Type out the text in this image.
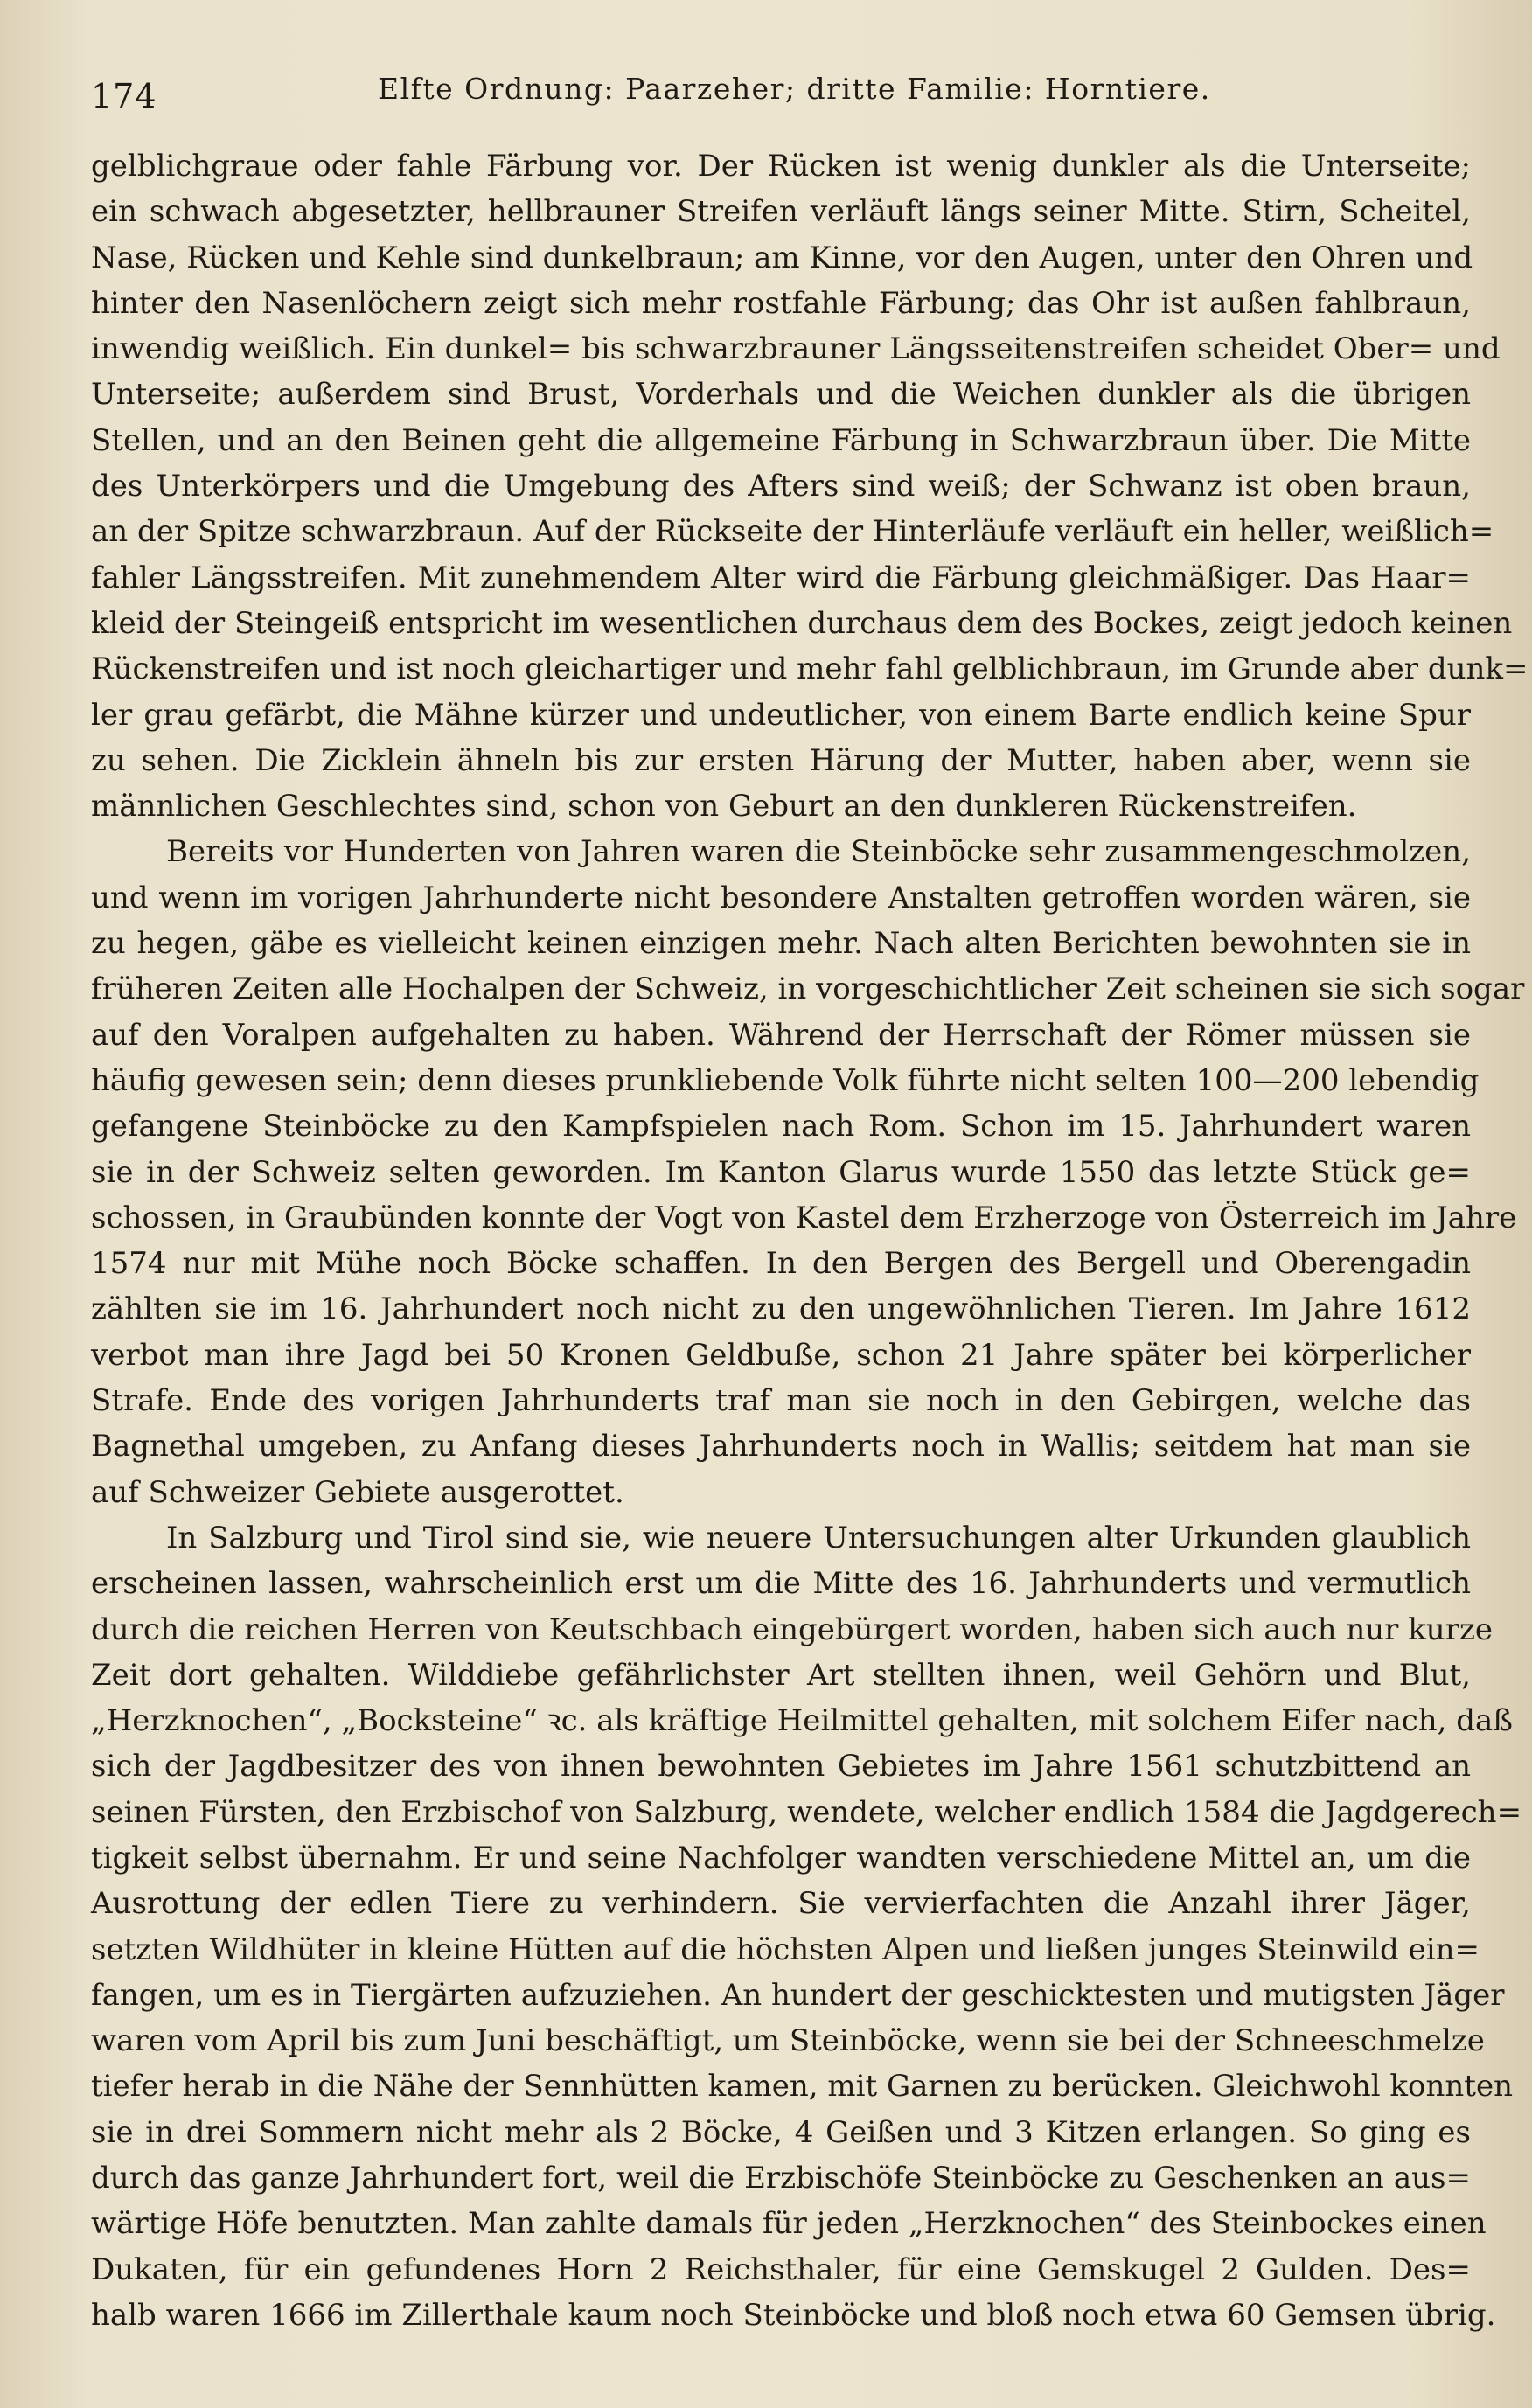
174	Elfte Ordnung: Paarzeher; dritte Familie: Horntiere.
gelblichgraue oder fahle Färbung vor. Der Rücken ist wenig dunkler als die Unterseite;
ein schwach abgesetzter, hellbrauner Streifen verläuft längs seiner Mitte. Stirn, Scheitel,
Nase, Rücken und Kehle sind dunkelbraun; am Kinne, vor den Augen, unter den Ohren und
hinter den Nasenlöchern zeigt sich mehr rostfahle Färbung; das Ohr ist außen fahlbraun,
inwendig weißlich. Ein dunkel= bis schwarzbrauner Längsseitenstreifen scheidet Ober= und
Unterseite; außerdem sind Brust, Vorderhals und die Weichen dunkler als die übrigen
Stellen, und an den Beinen geht die allgemeine Färbung in Schwarzbraun über. Die Mitte
des Unterkörpers und die Umgebung des Afters sind weiß; der Schwanz ist oben braun,
an der Spitze schwarzbraun. Auf der Rückseite der Hinterläufe verläuft ein heller, weißlich=
fahler Längsstreifen. Mit zunehmendem Alter wird die Färbung gleichmäßiger. Das Haar=
kleid der Steingeiß entspricht im wesentlichen durchaus dem des Bockes, zeigt jedoch keinen
Rückenstreifen und ist noch gleichartiger und mehr fahl gelblichbraun, im Grunde aber dunk=
ler grau gefärbt, die Mähne kürzer und undeutlicher, von einem Barte endlich keine Spur
zu sehen. Die Zicklein ähneln bis zur ersten Härung der Mutter, haben aber, wenn sie
männlichen Geschlechtes sind, schon von Geburt an den dunkleren Rückenstreifen.
Bereits vor Hunderten von Jahren waren die Steinböcke sehr zusammengeschmolzen,
und wenn im vorigen Jahrhunderte nicht besondere Anstalten getroffen worden wären, sie
zu hegen, gäbe es vielleicht keinen einzigen mehr. Nach alten Berichten bewohnten sie in
früheren Zeiten alle Hochalpen der Schweiz, in vorgeschichtlicher Zeit scheinen sie sich sogar
auf den Voralpen aufgehalten zu haben. Während der Herrschaft der Römer müssen sie
häufig gewesen sein; denn dieses prunkliebende Volk führte nicht selten 100—200 lebendig
gefangene Steinböcke zu den Kampfspielen nach Rom. Schon im 15. Jahrhundert waren
sie in der Schweiz selten geworden. Im Kanton Glarus wurde 1550 das letzte Stück ge=
schossen, in Graubünden konnte der Vogt von Kastel dem Erzherzoge von Österreich im Jahre
1574 nur mit Mühe noch Böcke schaffen. In den Bergen des Bergell und Oberengadin
zählten sie im 16. Jahrhundert noch nicht zu den ungewöhnlichen Tieren. Im Jahre 1612
verbot man ihre Jagd bei 50 Kronen Geldbuße, schon 21 Jahre später bei körperlicher
Strafe. Ende des vorigen Jahrhunderts traf man sie noch in den Gebirgen, welche das
Bagnethal umgeben, zu Anfang dieses Jahrhunderts noch in Wallis; seitdem hat man sie
auf Schweizer Gebiete ausgerottet.
In Salzburg und Tirol sind sie, wie neuere Untersuchungen alter Urkunden glaublich
erscheinen lassen, wahrscheinlich erst um die Mitte des 16. Jahrhunderts und vermutlich
durch die reichen Herren von Keutschbach eingebürgert worden, haben sich auch nur kurze
Zeit dort gehalten. Wilddiebe gefährlichster Art stellten ihnen, weil Gehörn und Blut,
„Herzknochen“, „Bocksteine“ ꝛc. als kräftige Heilmittel gehalten, mit solchem Eifer nach, daß
sich der Jagdbesitzer des von ihnen bewohnten Gebietes im Jahre 1561 schutzbittend an
seinen Fürsten, den Erzbischof von Salzburg, wendete, welcher endlich 1584 die Jagdgerech=
tigkeit selbst übernahm. Er und seine Nachfolger wandten verschiedene Mittel an, um die
Ausrottung der edlen Tiere zu verhindern. Sie vervierfachten die Anzahl ihrer Jäger,
setzten Wildhüter in kleine Hütten auf die höchsten Alpen und ließen junges Steinwild ein=
fangen, um es in Tiergärten aufzuziehen. An hundert der geschicktesten und mutigsten Jäger
waren vom April bis zum Juni beschäftigt, um Steinböcke, wenn sie bei der Schneeschmelze
tiefer herab in die Nähe der Sennhütten kamen, mit Garnen zu berücken. Gleichwohl konnten
sie in drei Sommern nicht mehr als 2 Böcke, 4 Geißen und 3 Kitzen erlangen. So ging es
durch das ganze Jahrhundert fort, weil die Erzbischöfe Steinböcke zu Geschenken an aus=
wärtige Höfe benutzten. Man zahlte damals für jeden „Herzknochen“ des Steinbockes einen
Dukaten, für ein gefundenes Horn 2 Reichsthaler, für eine Gemskugel 2 Gulden. Des=
halb waren 1666 im Zillerthale kaum noch Steinböcke und bloß noch etwa 60 Gemsen übrig.
